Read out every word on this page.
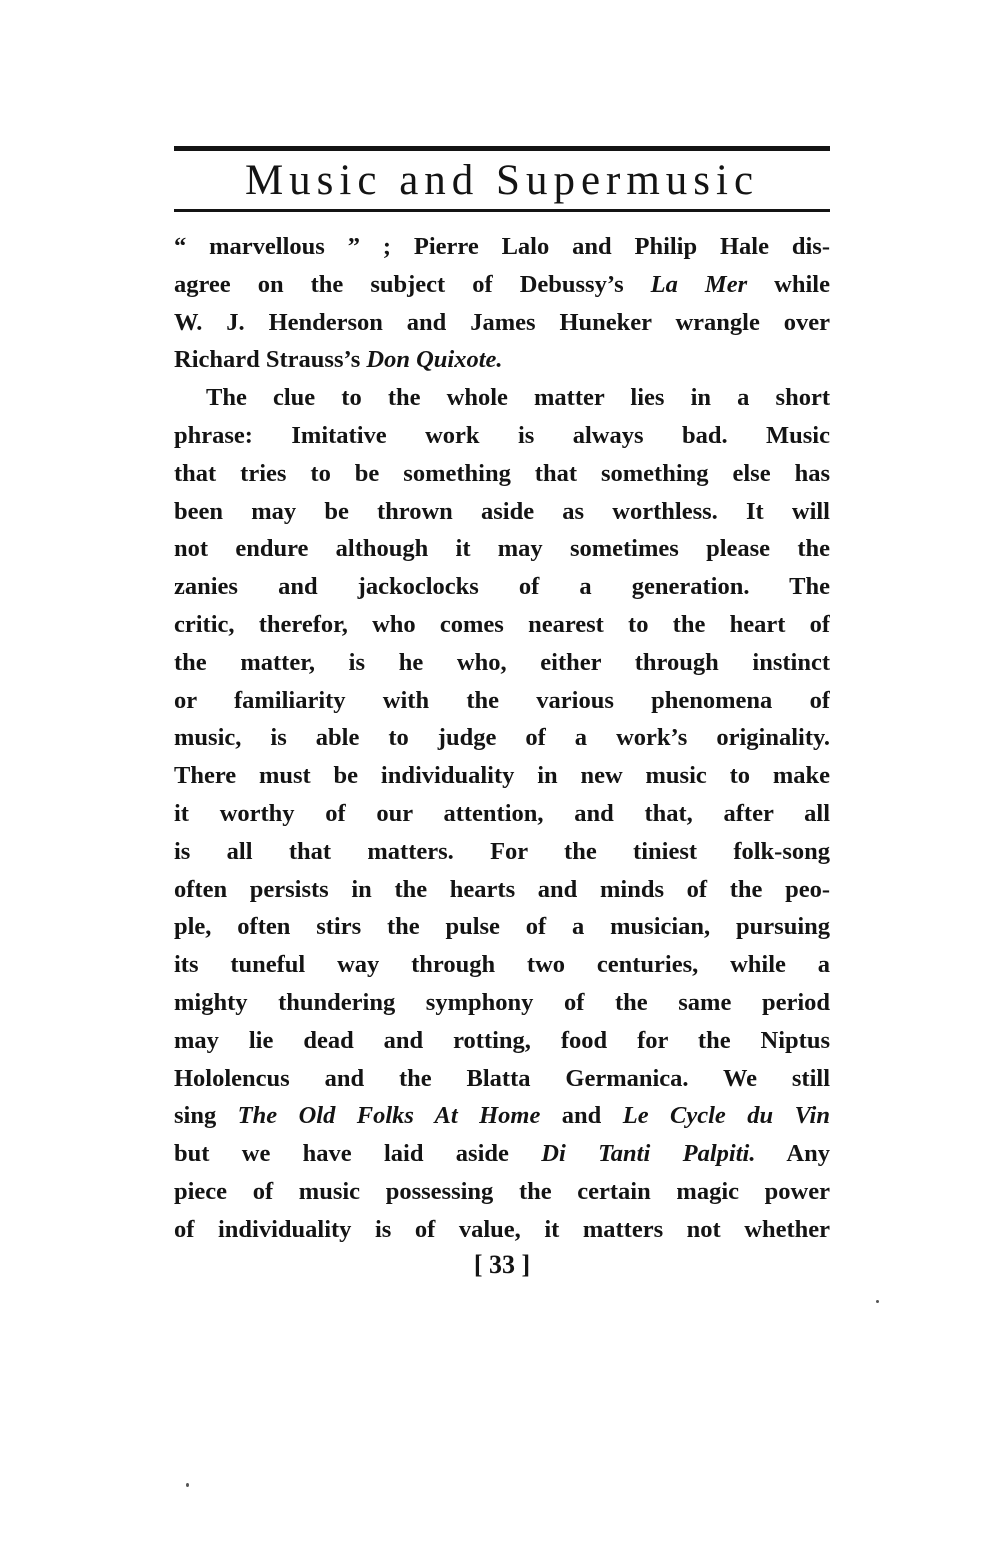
Music and Supermusic
“ marvellous ” ; Pierre Lalo and Philip Hale dis-
agree on the subject of Debussy’s La Mer while
W. J. Henderson and James Huneker wrangle over
Richard Strauss’s Don Quixote.
The clue to the whole matter lies in a short
phrase: Imitative work is always bad. Music
that tries to be something that something else has
been may be thrown aside as worthless. It will
not endure although it may sometimes please the
zanies and jackoclocks of a generation. The
critic, therefor, who comes nearest to the heart of
the matter, is he who, either through instinct
or familiarity with the various phenomena of
music, is able to judge of a work’s originality.
There must be individuality in new music to make
it worthy of our attention, and that, after all
is all that matters. For the tiniest folk-song
often persists in the hearts and minds of the peo-
ple, often stirs the pulse of a musician, pursuing
its tuneful way through two centuries, while a
mighty thundering symphony of the same period
may lie dead and rotting, food for the Niptus
Hololencus and the Blatta Germanica. We still
sing The Old Folks At Home and Le Cycle du Vin
but we have laid aside Di Tanti Palpiti. Any
piece of music possessing the certain magic power
of individuality is of value, it matters not whether
[ 33 ]
